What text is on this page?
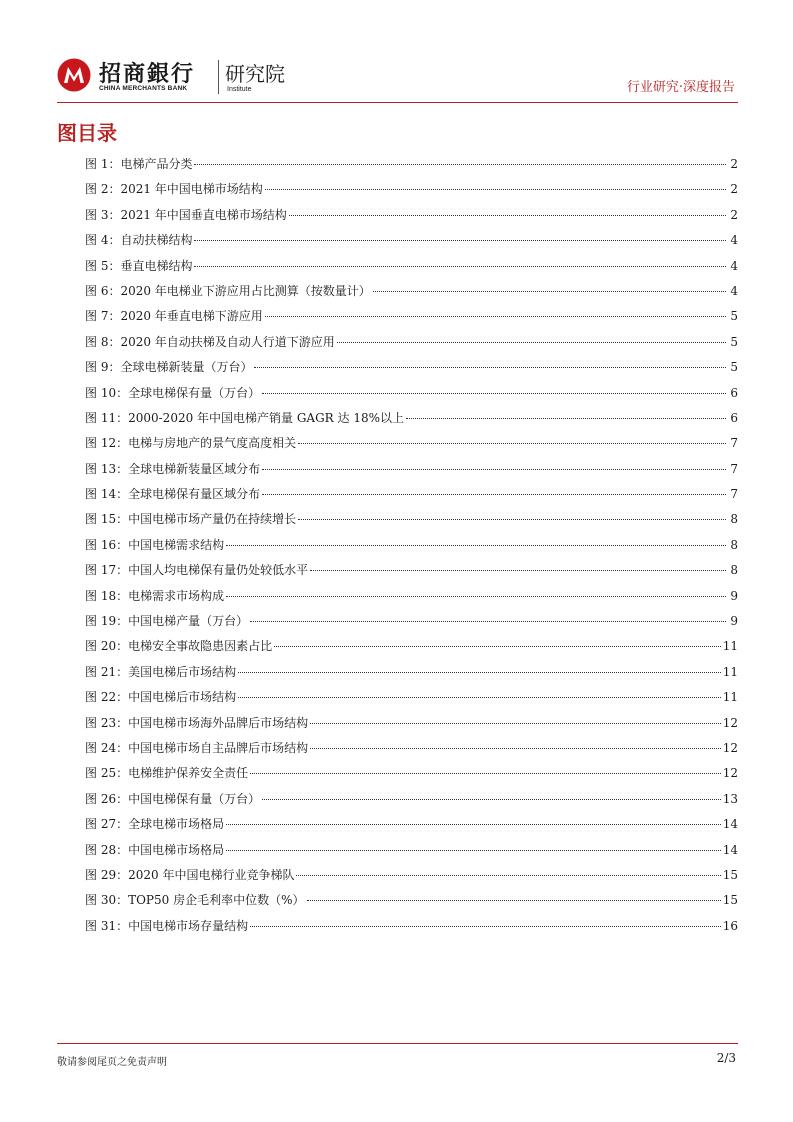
招商銀行
CHINA MERCHANTS BANK
研究院
Institute	行业研究·深度报告
图目录
图 1：电梯产品分类	2
图 2：2021 年中国电梯市场结构	2
图 3：2021 年中国垂直电梯市场结构	2
图 4：自动扶梯结构	4
图 5：垂直电梯结构	4
图 6：2020 年电梯业下游应用占比测算（按数量计）	4
图 7：2020 年垂直电梯下游应用	5
图 8：2020 年自动扶梯及自动人行道下游应用	5
图 9：全球电梯新装量（万台）	5
图 10：全球电梯保有量（万台）	6
图 11：2000-2020 年中国电梯产销量 GAGR 达 18%以上	6
图 12：电梯与房地产的景气度高度相关	7
图 13：全球电梯新装量区域分布	7
图 14：全球电梯保有量区域分布	7
图 15：中国电梯市场产量仍在持续增长	8
图 16：中国电梯需求结构	8
图 17：中国人均电梯保有量仍处较低水平	8
图 18：电梯需求市场构成	9
图 19：中国电梯产量（万台）	9
图 20：电梯安全事故隐患因素占比	11
图 21：美国电梯后市场结构	11
图 22：中国电梯后市场结构	11
图 23：中国电梯市场海外品牌后市场结构	12
图 24：中国电梯市场自主品牌后市场结构	12
图 25：电梯维护保养安全责任	12
图 26：中国电梯保有量（万台）	13
图 27：全球电梯市场格局	14
图 28：中国电梯市场格局	14
图 29：2020 年中国电梯行业竞争梯队	15
图 30：TOP50 房企毛利率中位数（%）	15
图 31：中国电梯市场存量结构	16
敬请参阅尾页之免责声明	2/3
